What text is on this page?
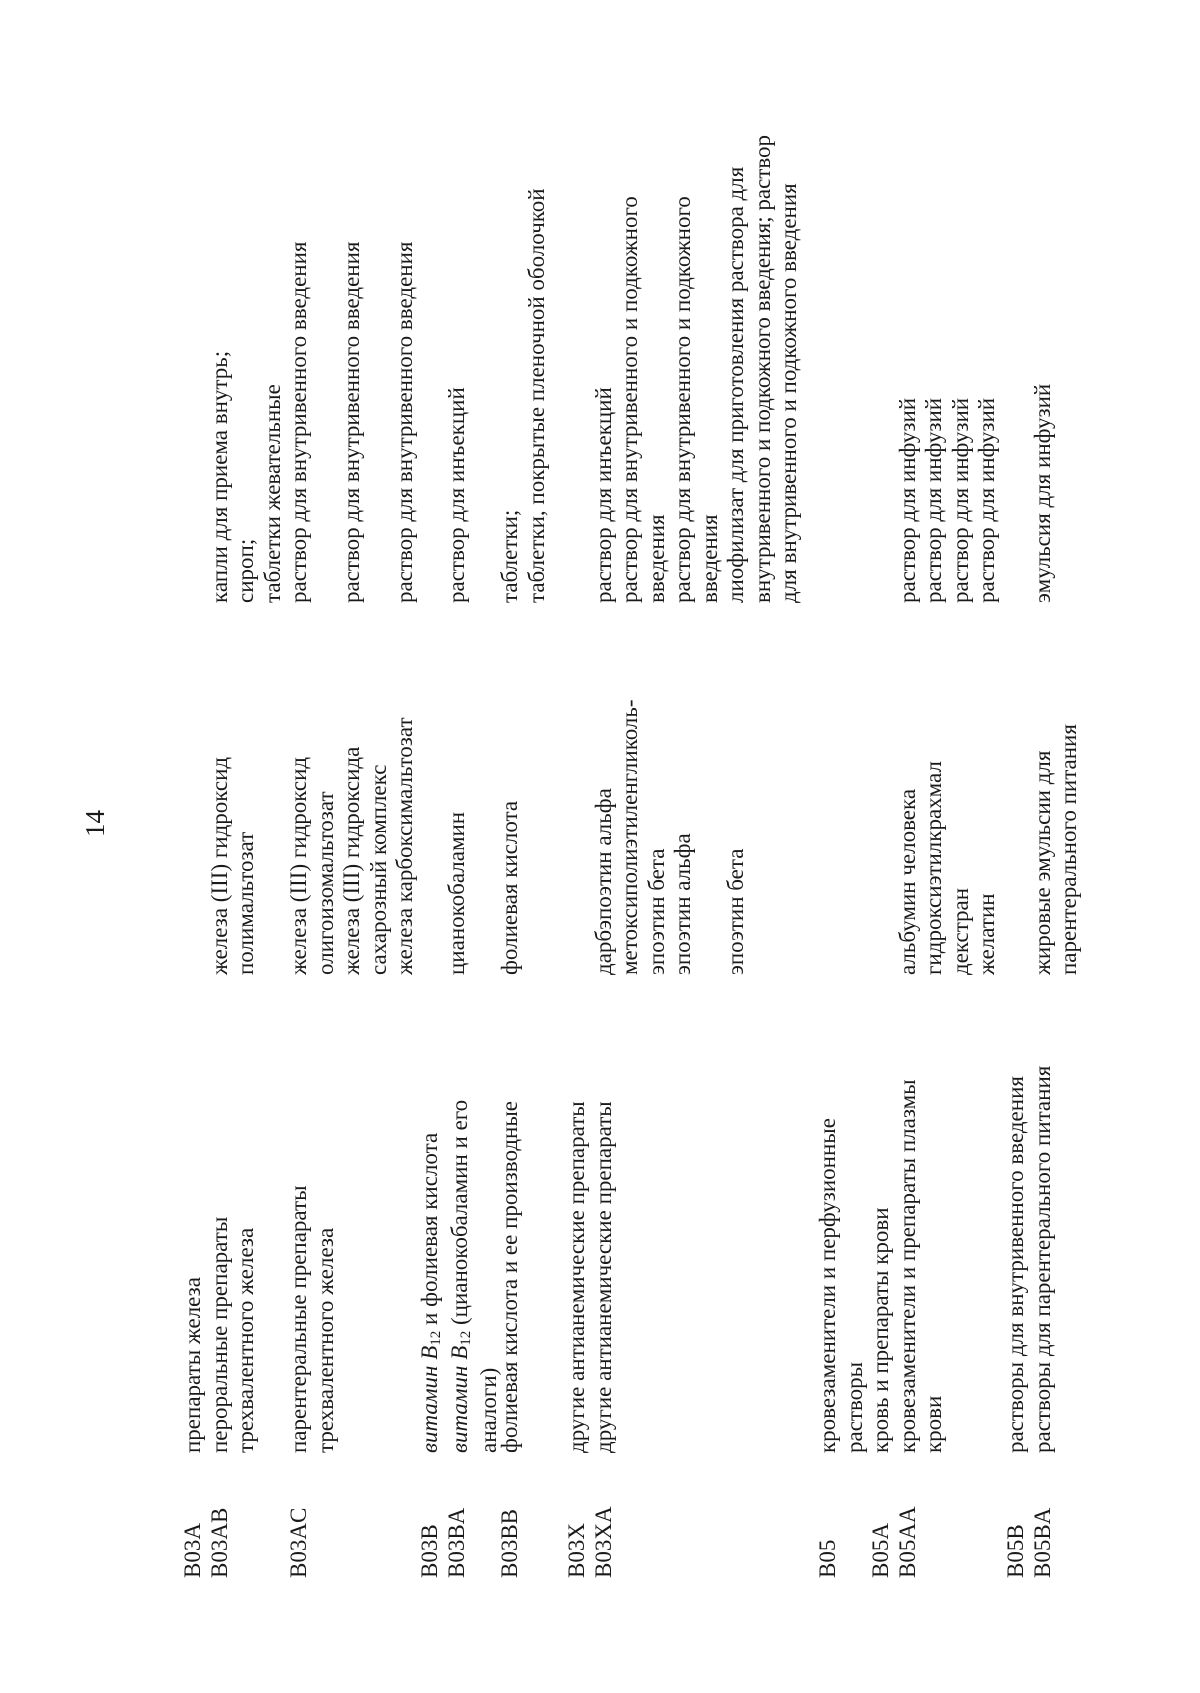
14
B03A B03AB
препараты железа пероральные препараты трехвалентного железа
железа (III) гидроксид полимальтозат
капли для приема внутрь; сироп; таблетки жевательные
B03AC
парентеральные препараты трехвалентного железа
железа (III) гидроксид олигоизомальтозат железа (III) гидроксида сахарозный комплекс железа карбоксимальтозат
раствор для внутривенного введения раствор для внутривенного введения раствор для внутривенного введения
B03B B03BA
витамин B12 и фолиевая кислота
витамин B12 (цианокобаламин и его
аналоги)
цианокобаламин
раствор для инъекций
B03BB
фолиевая кислота и ее производные
фолиевая кислота
таблетки; таблетки, покрытые пленочной оболочкой
B03X B03XA
другие антианемические препараты другие антианемические препараты
дарбэпоэтин альфа метоксиполиэтиленгликоль- эпоэтин бета эпоэтин альфа эпоэтин бета
раствор для инъекций раствор для внутривенного и подкожного введения раствор для внутривенного и подкожного введения лиофилизат для приготовления раствора для внутривенного и подкожного введения; раствор для внутривенного и подкожного введения
B05 B05A B05AA
кровезаменители и перфузионные растворы кровь и препараты крови кровезаменители и препараты плазмы крови
альбумин человека гидроксиэтилкрахмал декстран желатин
раствор для инфузий раствор для инфузий раствор для инфузий раствор для инфузий
B05B B05BA
растворы для внутривенного введения растворы для парентерального питания
жировые эмульсии для парентерального питания
эмульсия для инфузий
